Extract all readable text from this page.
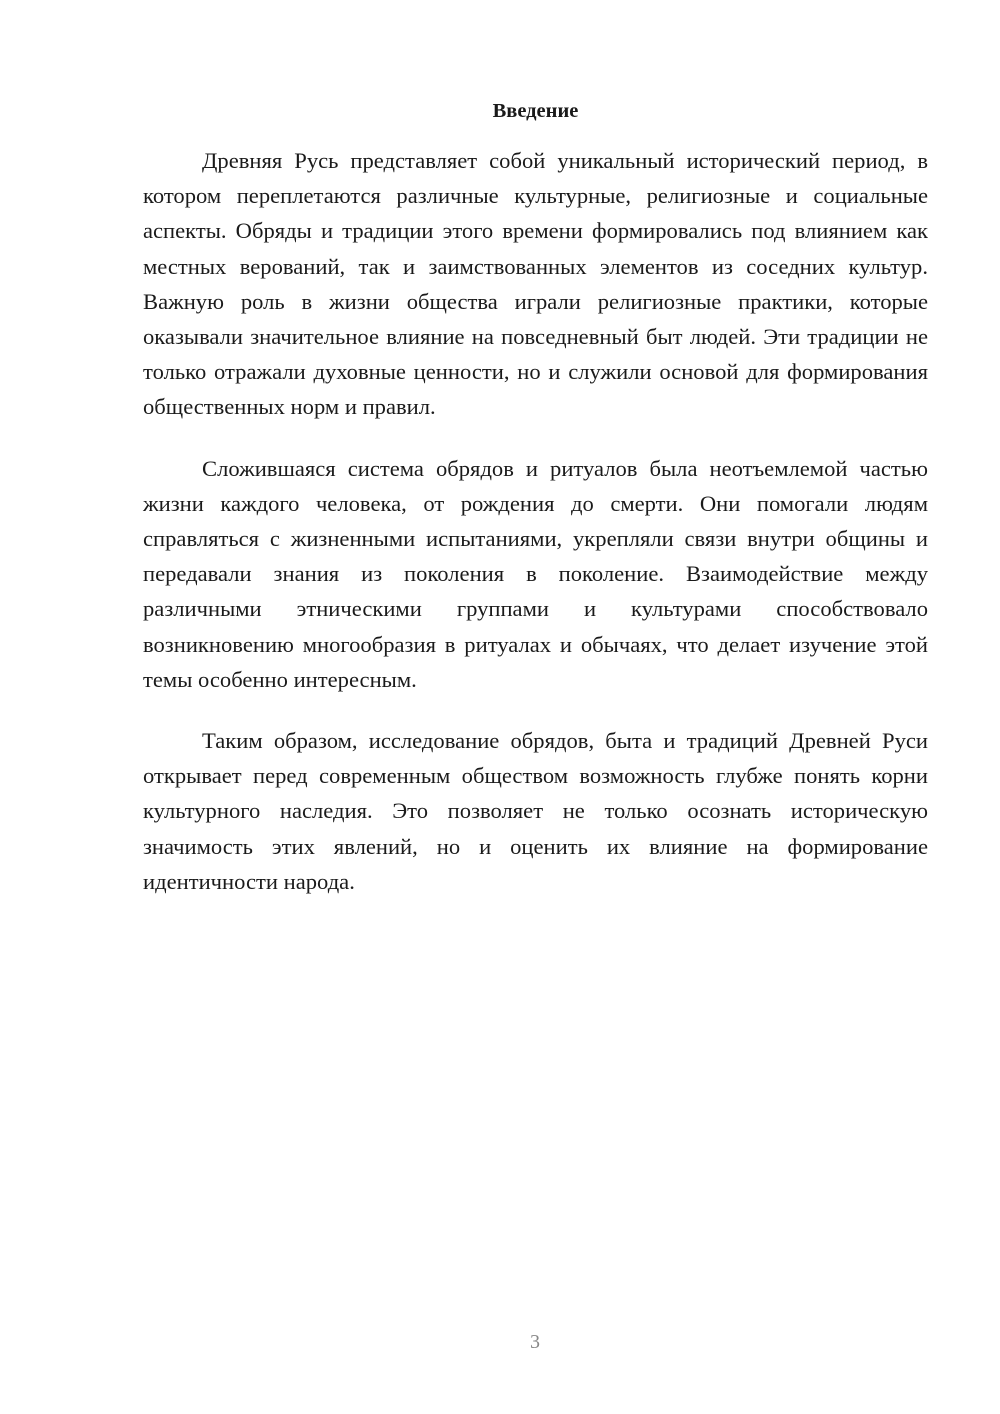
Введение

Древняя Русь представляет собой уникальный исторический период, в котором переплетаются различные культурные, религиозные и социальные аспекты. Обряды и традиции этого времени формировались под влиянием как местных верований, так и заимствованных элементов из соседних культур. Важную роль в жизни общества играли религиозные практики, которые оказывали значительное влияние на повседневный быт людей. Эти традиции не только отражали духовные ценности, но и служили основой для формирования общественных норм и правил.

Сложившаяся система обрядов и ритуалов была неотъемлемой частью жизни каждого человека, от рождения до смерти. Они помогали людям справляться с жизненными испытаниями, укрепляли связи внутри общины и передавали знания из поколения в поколение. Взаимодействие между различными этническими группами и культурами способствовало возникновению многообразия в ритуалах и обычаях, что делает изучение этой темы особенно интересным.

Таким образом, исследование обрядов, быта и традиций Древней Руси открывает перед современным обществом возможность глубже понять корни культурного наследия. Это позволяет не только осознать историческую значимость этих явлений, но и оценить их влияние на формирование идентичности народа.

3
